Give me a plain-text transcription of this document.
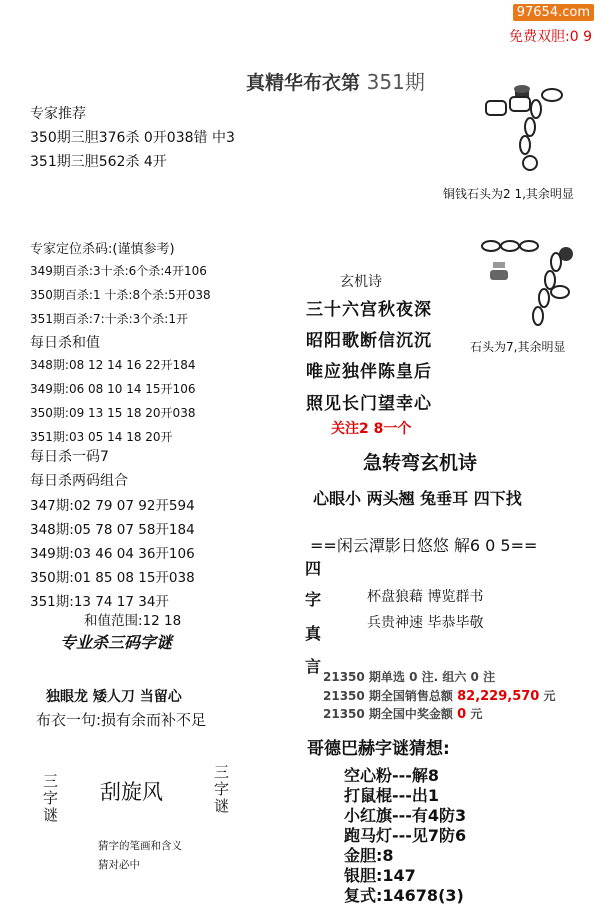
97654.com
免费双胆:0 9
真精华布衣第 351期
专家推荐
350期三胆376杀 0开038错 中3
351期三胆562杀 4开
铜钱石头为2 1,其余明显
专家定位杀码:(谨慎参考)
349期百杀:3十杀:6个杀:4开106
350期百杀:1 十杀:8个杀:5开038
351期百杀:7:十杀:3个杀:1开
每日杀和值
348期:08 12 14 16 22开184
349期:06 08 10 14 15开106
350期:09 13 15 18 20开038
351期:03 05 14 18 20开
每日杀一码7
每日杀两码组合
347期:02 79 07 92开594
348期:05 78 07 58开184
349期:03 46 04 36开106
350期:01 85 08 15开038
351期:13 74 17 34开
和值范围:12 18
专业杀三码字谜
独眼龙 矮人刀 当留心
布衣一句:损有余而补不足
三字谜 刮旋风	三字谜
猜字的笔画和含义
猜对必中
石头为7,其余明显
玄机诗
三十六宫秋夜深
昭阳歌断信沉沉
唯应独伴陈皇后
照见长门望幸心
关注2 8一个
急转弯玄机诗
心眼小 两头翘 兔垂耳 四下找
==闲云潭影日悠悠 解6 0 5==
四
字
真
言
杯盘狼藉 博览群书
兵贵神速 毕恭毕敬
21350 期单选 0 注. 组六 0 注
21350 期全国销售总额 82,229,570 元
21350 期全国中奖金额 0 元
哥德巴赫字谜猜想:
空心粉---解8
打鼠棍---出1
小红旗---有4防3
跑马灯---见7防6
金胆:8
银胆:147
复式:14678(3)
